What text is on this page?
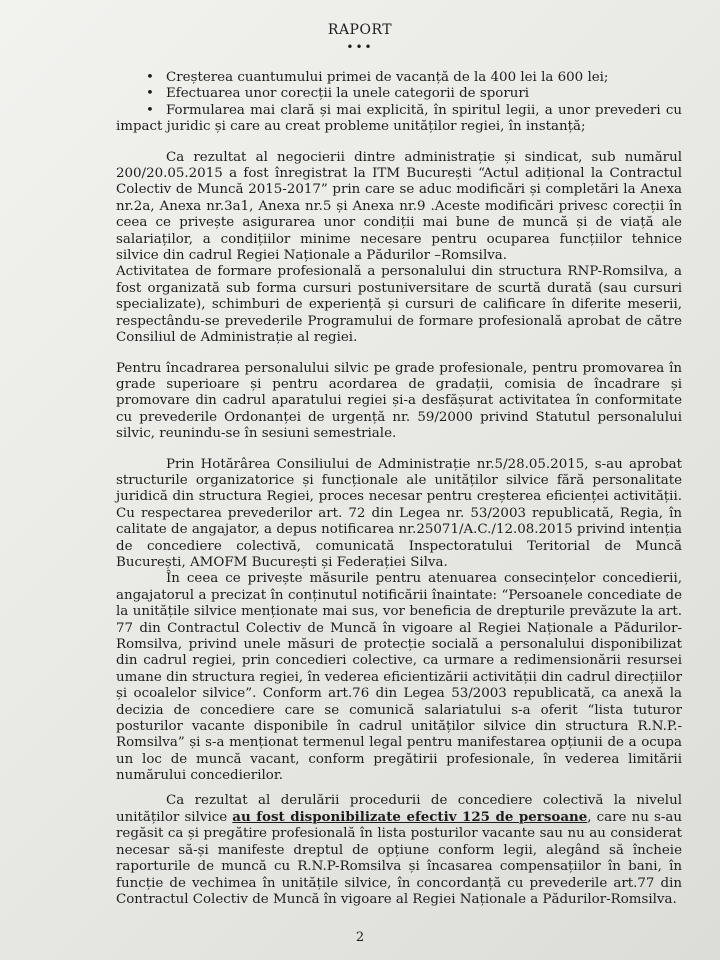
RAPORT
•••
• Creșterea cuantumului primei de vacanță de la 400 lei la 600 lei;
• Efectuarea unor corecții la unele categorii de sporuri
• Formularea mai clară și mai explicită, în spiritul legii, a unor prevederi cu impact juridic și care au creat probleme unităților regiei, în instanță;

Ca rezultat al negocierii dintre administrație și sindicat, sub numărul 200/20.05.2015 a fost înregistrat la ITM București “Actul adițional la Contractul Colectiv de Muncă 2015-2017” prin care se aduc modificări și completări la Anexa nr.2a, Anexa nr.3a1, Anexa nr.5 și Anexa nr.9 .Aceste modificări privesc corecții în ceea ce privește asigurarea unor condiții mai bune de muncă și de viață ale salariaților, a condițiilor minime necesare pentru ocuparea funcțiilor tehnice silvice din cadrul Regiei Naționale a Pădurilor –Romsilva.

Activitatea de formare profesională a personalului din structura RNP-Romsilva, a fost organizată sub forma cursuri postuniversitare de scurtă durată (sau cursuri specializate), schimburi de experiență și cursuri de calificare în diferite meserii, respectându-se prevederile Programului de formare profesională aprobat de către Consiliul de Administrație al regiei.

Pentru încadrarea personalului silvic pe grade profesionale, pentru promovarea în grade superioare și pentru acordarea de gradații, comisia de încadrare și promovare din cadrul aparatului regiei și-a desfășurat activitatea în conformitate cu prevederile Ordonanței de urgență nr. 59/2000 privind Statutul personalului silvic, reunindu-se în sesiuni semestriale.

Prin Hotărârea Consiliului de Administrație nr.5/28.05.2015, s-au aprobat structurile organizatorice și funcționale ale unităților silvice fără personalitate juridică din structura Regiei, proces necesar pentru creșterea eficienței activității. Cu respectarea prevederilor art. 72 din Legea nr. 53/2003 republicată, Regia, în calitate de angajator, a depus notificarea nr.25071/A.C./12.08.2015 privind intenția de concediere colectivă, comunicată Inspectoratului Teritorial de Muncă București, AMOFM București și Federației Silva.

În ceea ce privește măsurile pentru atenuarea consecințelor concedierii, angajatorul a precizat în conținutul notificării înaintate: “Persoanele concediate de la unitățile silvice menționate mai sus, vor beneficia de drepturile prevăzute la art. 77 din Contractul Colectiv de Muncă în vigoare al Regiei Naționale a Pădurilor-Romsilva, privind unele măsuri de protecție socială a personalului disponibilizat din cadrul regiei, prin concedieri colective, ca urmare a redimensionării resursei umane din structura regiei, în vederea eficientizării activității din cadrul direcțiilor și ocoalelor silvice”. Conform art.76 din Legea 53/2003 republicată, ca anexă la decizia de concediere care se comunică salariatului s-a oferit “lista tuturor posturilor vacante disponibile în cadrul unităților silvice din structura R.N.P.-Romsilva” și s-a menționat termenul legal pentru manifestarea opțiunii de a ocupa un loc de muncă vacant, conform pregătirii profesionale, în vederea limitării numărului concedierilor.

Ca rezultat al derulării procedurii de concediere colectivă la nivelul unităților silvice au fost disponibilizate efectiv 125 de persoane, care nu s-au regăsit ca și pregătire profesională în lista posturilor vacante sau nu au considerat necesar să-și manifeste dreptul de opțiune conform legii, alegând să încheie raporturile de muncă cu R.N.P-Romsilva și încasarea compensațiilor în bani, în funcție de vechimea în unitățile silvice, în concordanță cu prevederile art.77 din Contractul Colectiv de Muncă în vigoare al Regiei Naționale a Pădurilor-Romsilva.

2
